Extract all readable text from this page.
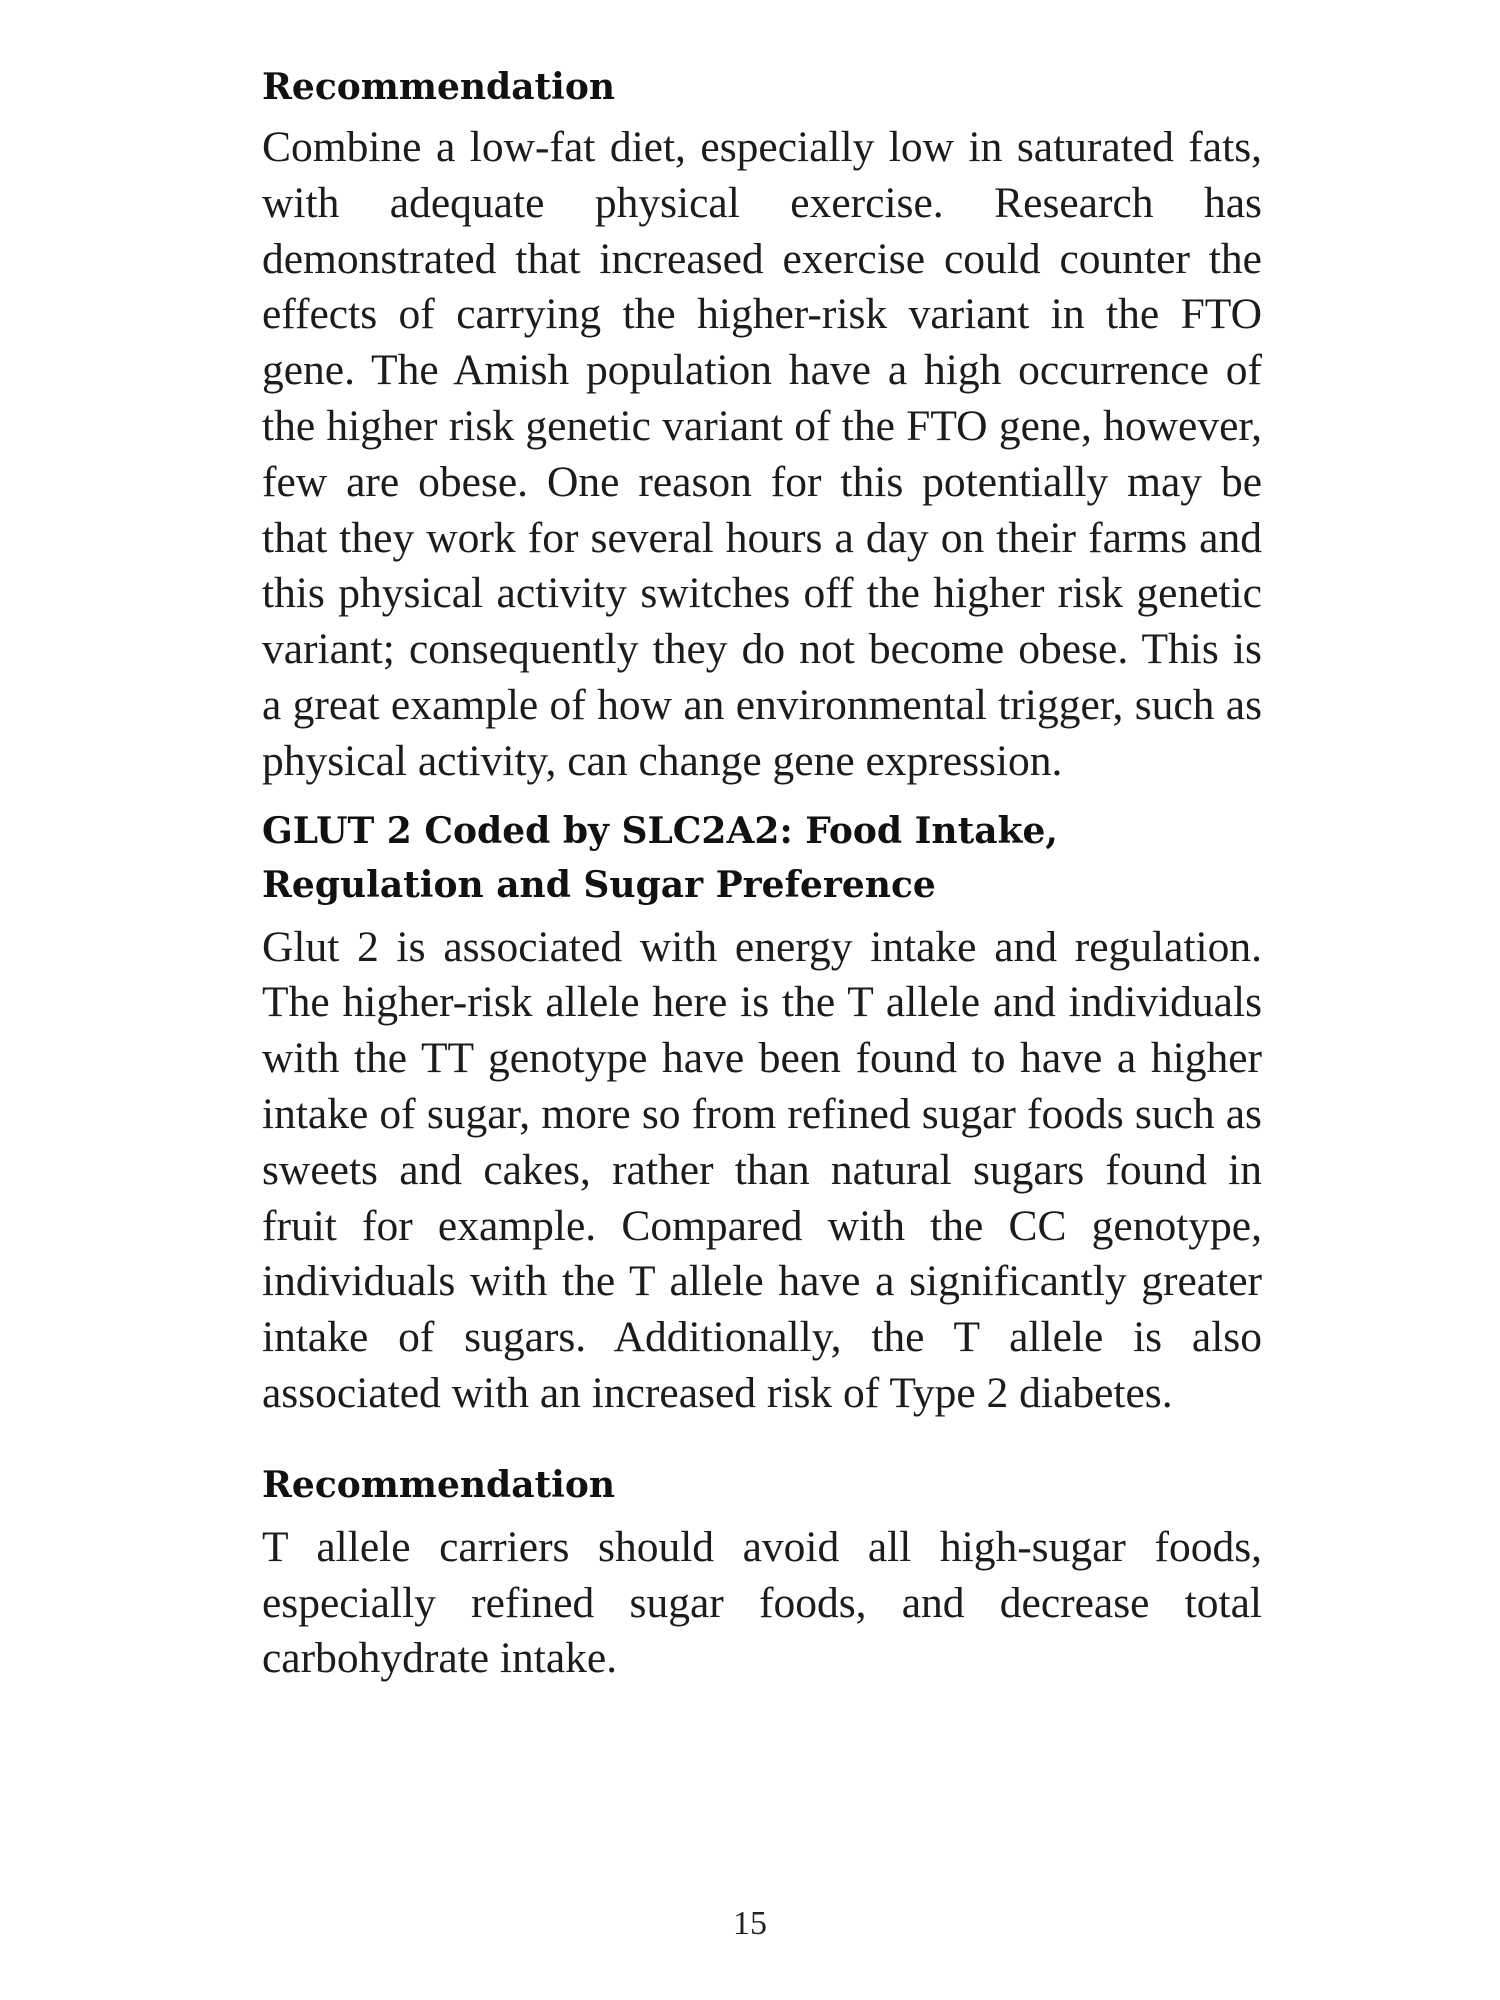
Recommendation

Combine a low-fat diet, especially low in saturated fats, with adequate physical exercise. Research has demonstrated that increased exercise could counter the effects of carrying the higher-risk variant in the FTO gene. The Amish population have a high occurrence of the higher risk genetic variant of the FTO gene, however, few are obese. One reason for this potentially may be that they work for several hours a day on their farms and this physical activity switches off the higher risk genetic variant; consequently they do not become obese. This is a great example of how an environmental trigger, such as physical activity, can change gene expression.

GLUT 2 Coded by SLC2A2: Food Intake,
Regulation and Sugar Preference

Glut 2 is associated with energy intake and regulation. The higher-risk allele here is the T allele and individuals with the TT genotype have been found to have a higher intake of sugar, more so from refined sugar foods such as sweets and cakes, rather than natural sugars found in fruit for example. Compared with the CC genotype, individuals with the T allele have a significantly greater intake of sugars. Additionally, the T allele is also associated with an increased risk of Type 2 diabetes.

Recommendation

T allele carriers should avoid all high-sugar foods, especially refined sugar foods, and decrease total carbohydrate intake.

15
